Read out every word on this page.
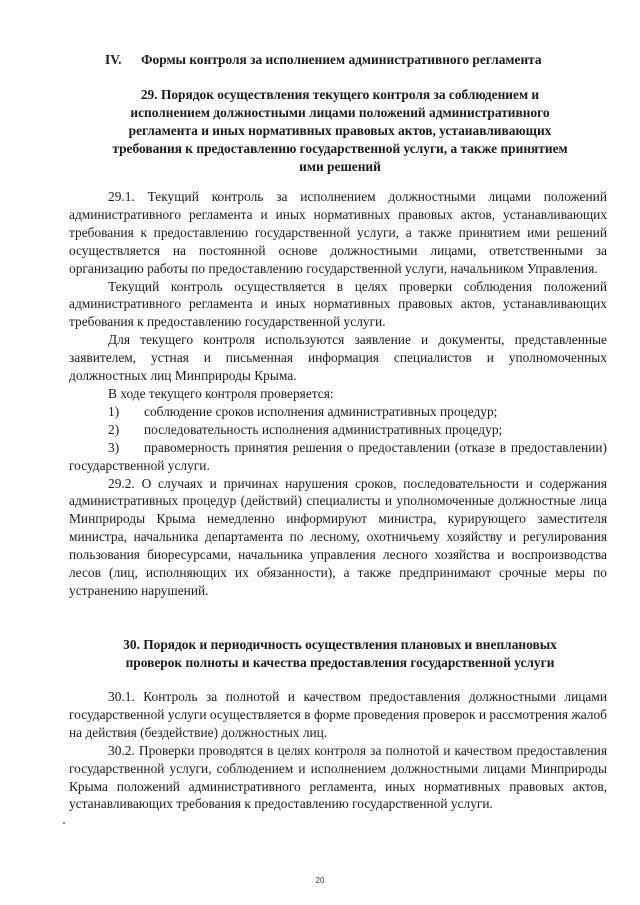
IV. Формы контроля за исполнением административного регламента
29. Порядок осуществления текущего контроля за соблюдением и
исполнением должностными лицами положений административного
регламента и иных нормативных правовых актов, устанавливающих
требования к предоставлению государственной услуги, а также принятием
ими решений

29.1. Текущий контроль за исполнением должностными лицами положений административного регламента и иных нормативных правовых актов, устанавливающих требования к предоставлению государственной услуги, а также принятием ими решений осуществляется на постоянной основе должностными лицами, ответственными за организацию работы по предоставлению государственной услуги, начальником Управления.

Текущий контроль осуществляется в целях проверки соблюдения положений административного регламента и иных нормативных правовых актов, устанавливающих требования к предоставлению государственной услуги.

Для текущего контроля используются заявление и документы, представленные заявителем, устная и письменная информация специалистов и уполномоченных должностных лиц Минприроды Крыма.

В ходе текущего контроля проверяется:

1) соблюдение сроков исполнения административных процедур;

2) последовательность исполнения административных процедур;

3) правомерность принятия решения о предоставлении (отказе в предоставлении) государственной услуги.

29.2. О случаях и причинах нарушения сроков, последовательности и содержания административных процедур (действий) специалисты и уполномоченные должностные лица Минприроды Крыма немедленно информируют министра, курирующего заместителя министра, начальника департамента по лесному, охотничьему хозяйству и регулирования пользования биоресурсами, начальника управления лесного хозяйства и воспроизводства лесов (лиц, исполняющих их обязанности), а также предпринимают срочные меры по устранению нарушений.

30. Порядок и периодичность осуществления плановых и внеплановых
проверок полноты и качества предоставления государственной услуги

30.1. Контроль за полнотой и качеством предоставления должностными лицами государственной услуги осуществляется в форме проведения проверок и рассмотрения жалоб на действия (бездействие) должностных лиц.

30.2. Проверки проводятся в целях контроля за полнотой и качеством предоставления государственной услуги, соблюдением и исполнением должностными лицами Минприроды Крыма положений административного регламента, иных нормативных правовых актов, устанавливающих требования к предоставлению государственной услуги.

20
